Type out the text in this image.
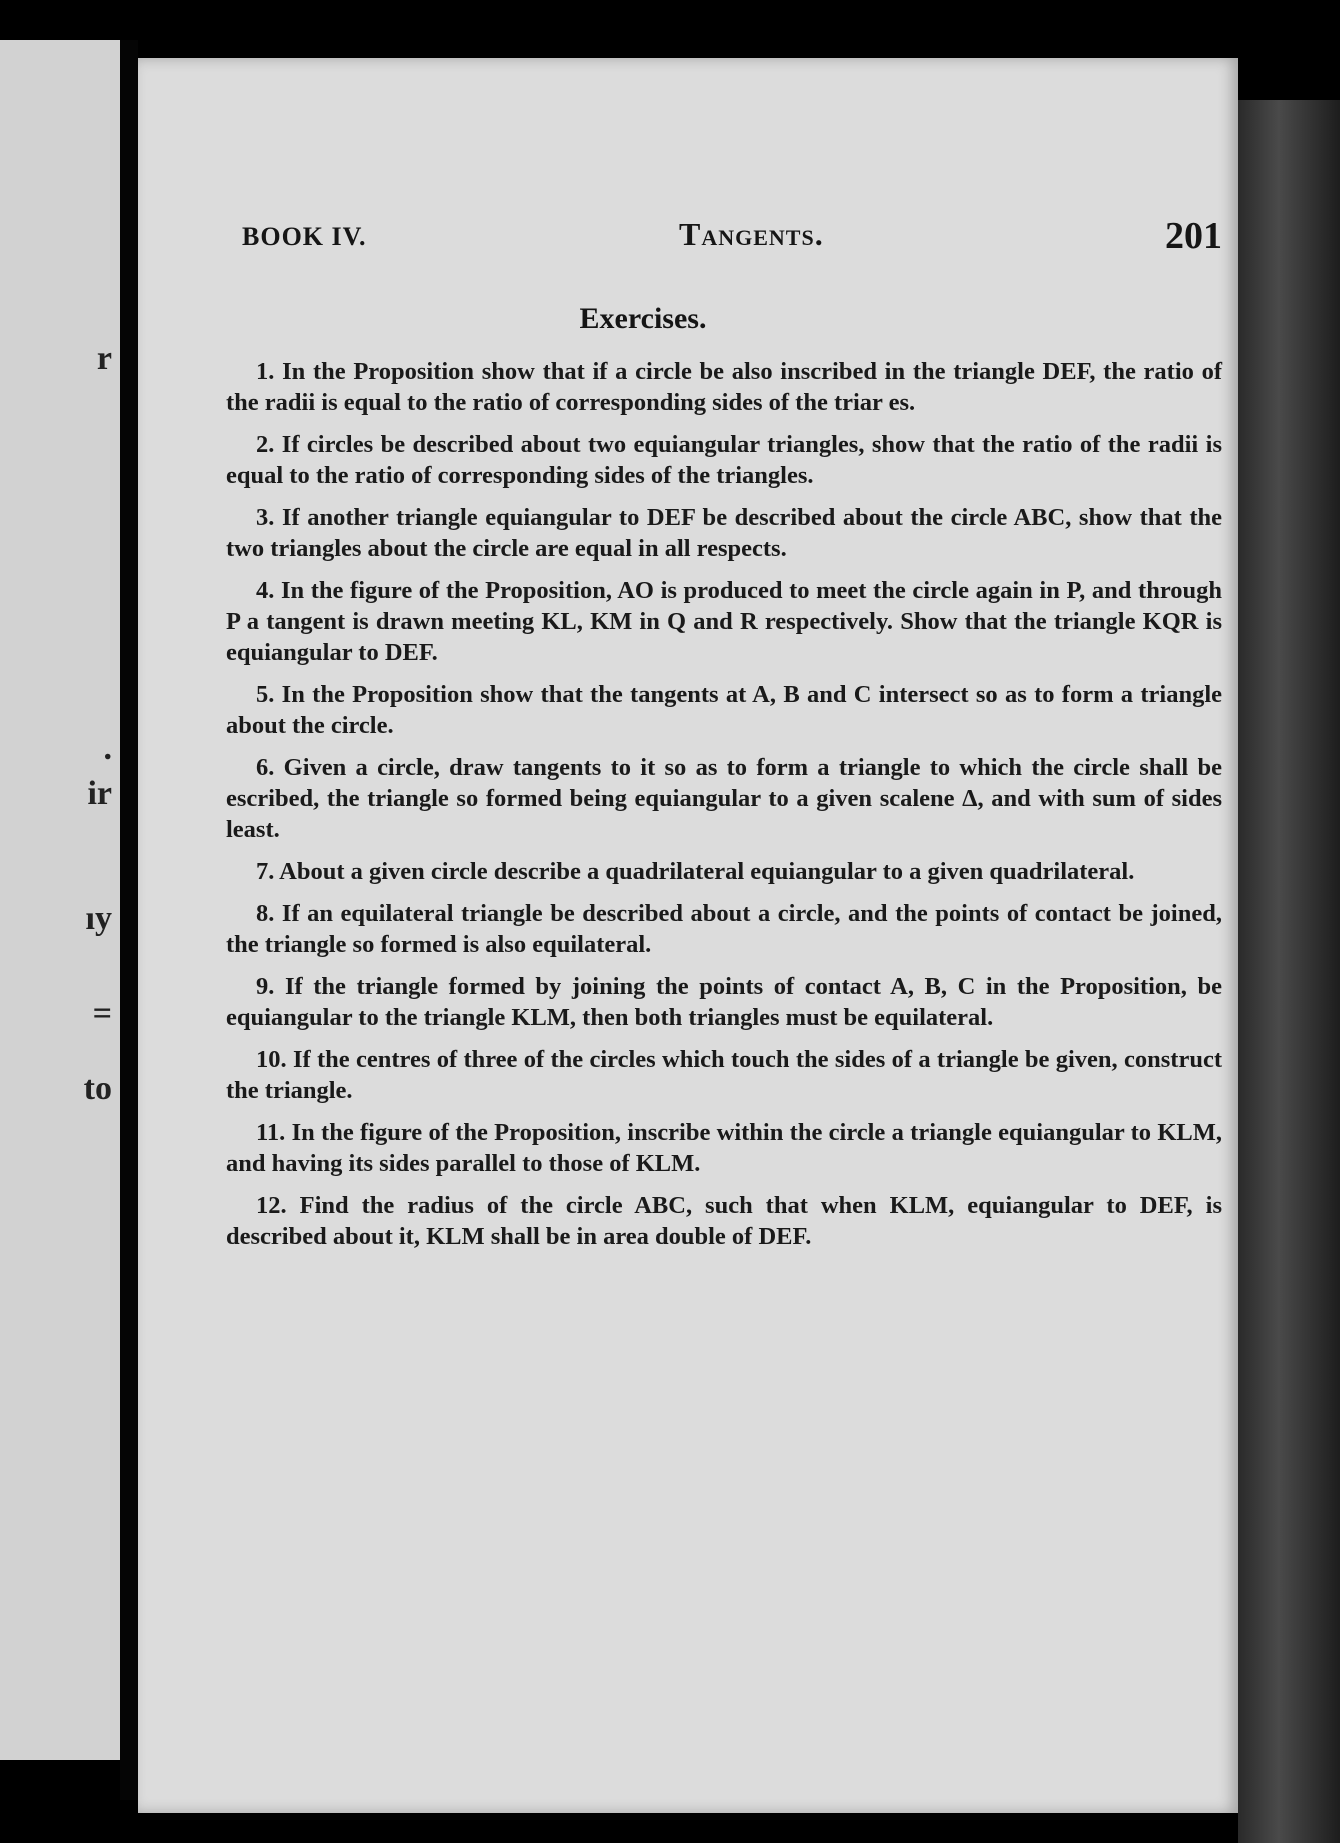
r
.
ir
ıy
=
to
BOOK IV.	Tangents.	201
Exercises.

1. In the Proposition show that if a circle be also inscribed in the triangle DEF, the ratio of the radii is equal to the ratio of corresponding sides of the triar es.

2. If circles be described about two equiangular triangles, show that the ratio of the radii is equal to the ratio of corresponding sides of the triangles.

3. If another triangle equiangular to DEF be described about the circle ABC, show that the two triangles about the circle are equal in all respects.

4. In the figure of the Proposition, AO is produced to meet the circle again in P, and through P a tangent is drawn meeting KL, KM in Q and R respectively. Show that the triangle KQR is equiangular to DEF.

5. In the Proposition show that the tangents at A, B and C intersect so as to form a triangle about the circle.

6. Given a circle, draw tangents to it so as to form a triangle to which the circle shall be escribed, the triangle so formed being equiangular to a given scalene Δ, and with sum of sides least.

7. About a given circle describe a quadrilateral equiangular to a given quadrilateral.

8. If an equilateral triangle be described about a circle, and the points of contact be joined, the triangle so formed is also equilateral.

9. If the triangle formed by joining the points of contact A, B, C in the Proposition, be equiangular to the triangle KLM, then both triangles must be equilateral.

10. If the centres of three of the circles which touch the sides of a triangle be given, construct the triangle.

11. In the figure of the Proposition, inscribe within the circle a triangle equiangular to KLM, and having its sides parallel to those of KLM.

12. Find the radius of the circle ABC, such that when KLM, equiangular to DEF, is described about it, KLM shall be in area double of DEF.
